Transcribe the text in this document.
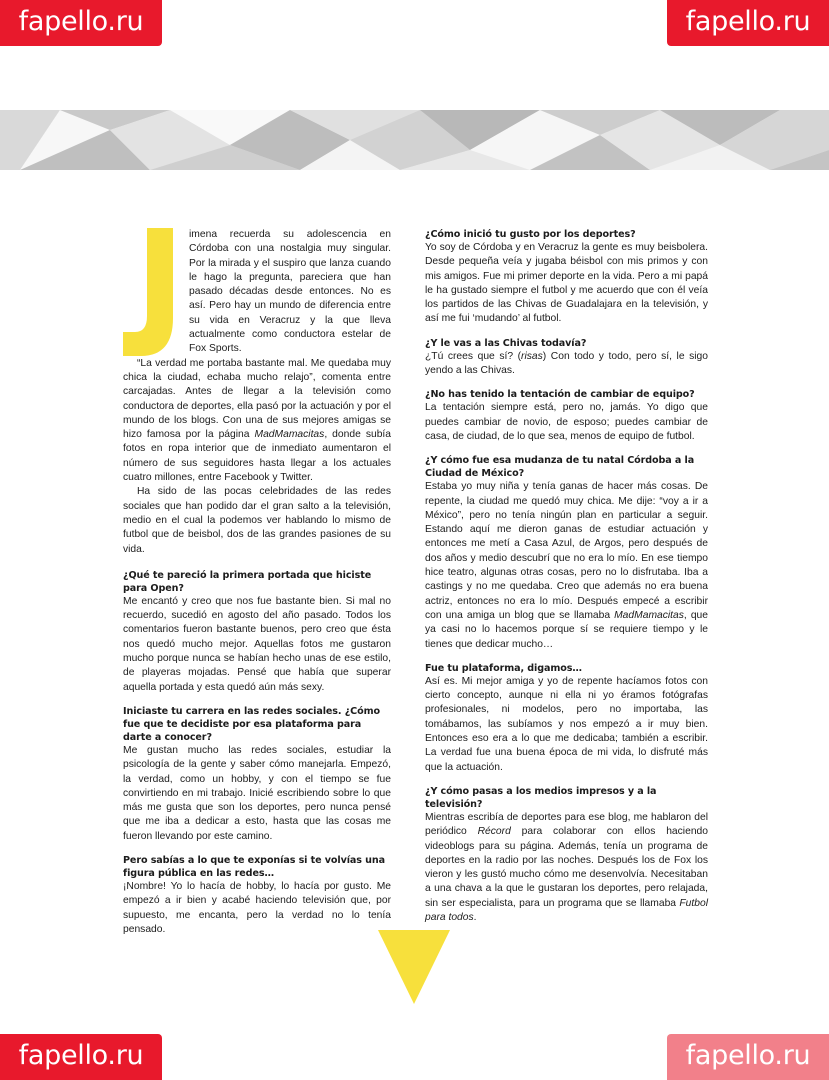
fapello.ru	fapello.ru
J

imena recuerda su adolescencia en Córdoba con una nostalgia muy singular. Por la mirada y el suspiro que lanza cuando le hago la pregunta, pareciera que han pasado décadas desde entonces. No es así. Pero hay un mundo de diferencia entre su vida en Veracruz y la que lleva actualmente como conductora estelar de Fox Sports.

“La verdad me portaba bastante mal. Me quedaba muy chica la ciudad, echaba mucho relajo”, comenta entre carcajadas. Antes de llegar a la televisión como conductora de deportes, ella pasó por la actuación y por el mundo de los blogs. Con una de sus mejores amigas se hizo famosa por la página MadMamacitas, donde subía fotos en ropa interior que de inmediato aumentaron el número de sus seguidores hasta llegar a los actuales cuatro millones, entre Facebook y Twitter.

Ha sido de las pocas celebridades de las redes sociales que han podido dar el gran salto a la televisión, medio en el cual la podemos ver hablando lo mismo de futbol que de beisbol, dos de las grandes pasiones de su vida.

¿Qué te pareció la primera portada que hiciste para Open?

Me encantó y creo que nos fue bastante bien. Si mal no recuerdo, sucedió en agosto del año pasado. Todos los comentarios fueron bastante buenos, pero creo que ésta nos quedó mucho mejor. Aquellas fotos me gustaron mucho porque nunca se habían hecho unas de ese estilo, de playeras mojadas. Pensé que había que superar aquella portada y esta quedó aún más sexy.

Iniciaste tu carrera en las redes sociales. ¿Cómo fue que te decidiste por esa plataforma para darte a conocer?

Me gustan mucho las redes sociales, estudiar la psicología de la gente y saber cómo manejarla. Empezó, la verdad, como un hobby, y con el tiempo se fue convirtiendo en mi trabajo. Inicié escribiendo sobre lo que más me gusta que son los deportes, pero nunca pensé que me iba a dedicar a esto, hasta que las cosas me fueron llevando por este camino.

Pero sabías a lo que te exponías si te volvías una figura pública en las redes…

¡Nombre! Yo lo hacía de hobby, lo hacía por gusto. Me empezó a ir bien y acabé haciendo televisión que, por supuesto, me encanta, pero la verdad no lo tenía pensado.

¿Cómo inició tu gusto por los deportes?

Yo soy de Córdoba y en Veracruz la gente es muy beisbolera. Desde pequeña veía y jugaba béisbol con mis primos y con mis amigos. Fue mi primer deporte en la vida. Pero a mi papá le ha gustado siempre el futbol y me acuerdo que con él veía los partidos de las Chivas de Guadalajara en la televisión, y así me fui ‘mudando’ al futbol.

¿Y le vas a las Chivas todavía?

¿Tú crees que sí? (risas) Con todo y todo, pero sí, le sigo yendo a las Chivas.

¿No has tenido la tentación de cambiar de equipo?

La tentación siempre está, pero no, jamás. Yo digo que puedes cambiar de novio, de esposo; puedes cambiar de casa, de ciudad, de lo que sea, menos de equipo de futbol.

¿Y cómo fue esa mudanza de tu natal Córdoba a la Ciudad de México?

Estaba yo muy niña y tenía ganas de hacer más cosas. De repente, la ciudad me quedó muy chica. Me dije: “voy a ir a México”, pero no tenía ningún plan en particular a seguir. Estando aquí me dieron ganas de estudiar actuación y entonces me metí a Casa Azul, de Argos, pero después de dos años y medio descubrí que no era lo mío. En ese tiempo hice teatro, algunas otras cosas, pero no lo disfrutaba. Iba a castings y no me quedaba. Creo que además no era buena actriz, entonces no era lo mío. Después empecé a escribir con una amiga un blog que se llamaba MadMamacitas, que ya casi no lo hacemos porque sí se requiere tiempo y le tienes que dedicar mucho…

Fue tu plataforma, digamos…

Así es. Mi mejor amiga y yo de repente hacíamos fotos con cierto concepto, aunque ni ella ni yo éramos fotógrafas profesionales, ni modelos, pero no importaba, las tomábamos, las subíamos y nos empezó a ir muy bien. Entonces eso era a lo que me dedicaba; también a escribir. La verdad fue una buena época de mi vida, lo disfruté más que la actuación.

¿Y cómo pasas a los medios impresos y a la televisión?

Mientras escribía de deportes para ese blog, me hablaron del periódico Récord para colaborar con ellos haciendo videoblogs para su página. Además, tenía un programa de deportes en la radio por las noches. Después los de Fox los vieron y les gustó mucho cómo me desenvolvía. Necesitaban a una chava a la que le gustaran los deportes, pero relajada, sin ser especialista, para un programa que se llamaba Futbol para todos.

fapello.ru	fapello.ru
